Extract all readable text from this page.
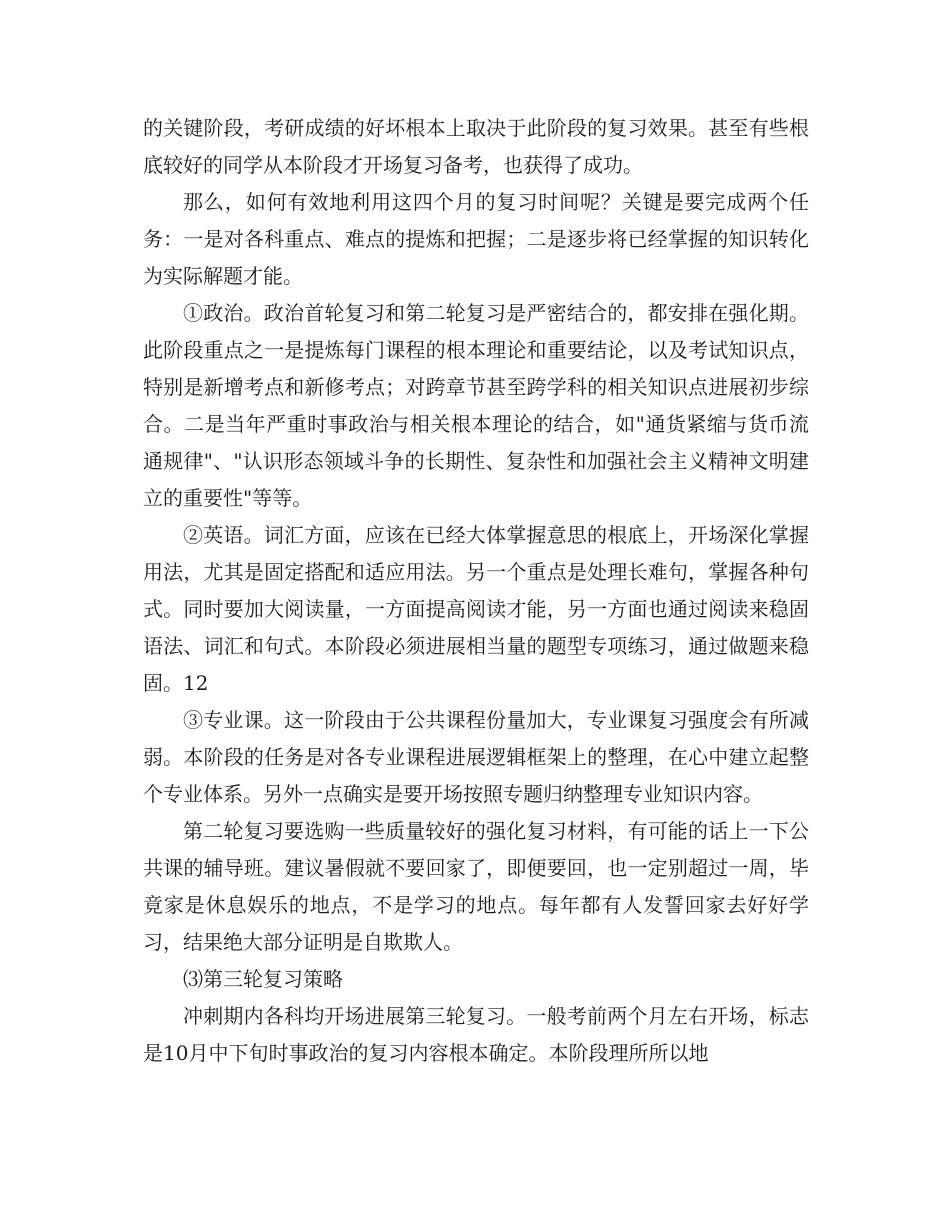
的关键阶段，考研成绩的好坏根本上取决于此阶段的复习效果。甚至有些根底较好的同学从本阶段才开场复习备考，也获得了成功。

那么，如何有效地利用这四个月的复习时间呢？关键是要完成两个任务：一是对各科重点、难点的提炼和把握；二是逐步将已经掌握的知识转化为实际解题才能。

①政治。政治首轮复习和第二轮复习是严密结合的，都安排在强化期。此阶段重点之一是提炼每门课程的根本理论和重要结论，以及考试知识点，特别是新增考点和新修考点；对跨章节甚至跨学科的相关知识点进展初步综合。二是当年严重时事政治与相关根本理论的结合，如"通货紧缩与货币流通规律"、"认识形态领域斗争的长期性、复杂性和加强社会主义精神文明建立的重要性"等等。

②英语。词汇方面，应该在已经大体掌握意思的根底上，开场深化掌握用法，尤其是固定搭配和适应用法。另一个重点是处理长难句，掌握各种句式。同时要加大阅读量，一方面提高阅读才能，另一方面也通过阅读来稳固语法、词汇和句式。本阶段必须进展相当量的题型专项练习，通过做题来稳固。12

③专业课。这一阶段由于公共课程份量加大，专业课复习强度会有所减弱。本阶段的任务是对各专业课程进展逻辑框架上的整理，在心中建立起整个专业体系。另外一点确实是要开场按照专题归纳整理专业知识内容。

第二轮复习要选购一些质量较好的强化复习材料，有可能的话上一下公共课的辅导班。建议暑假就不要回家了，即便要回，也一定别超过一周，毕竟家是休息娱乐的地点，不是学习的地点。每年都有人发誓回家去好好学习，结果绝大部分证明是自欺欺人。

⑶第三轮复习策略

冲刺期内各科均开场进展第三轮复习。一般考前两个月左右开场，标志是10月中下旬时事政治的复习内容根本确定。本阶段理所所以地
